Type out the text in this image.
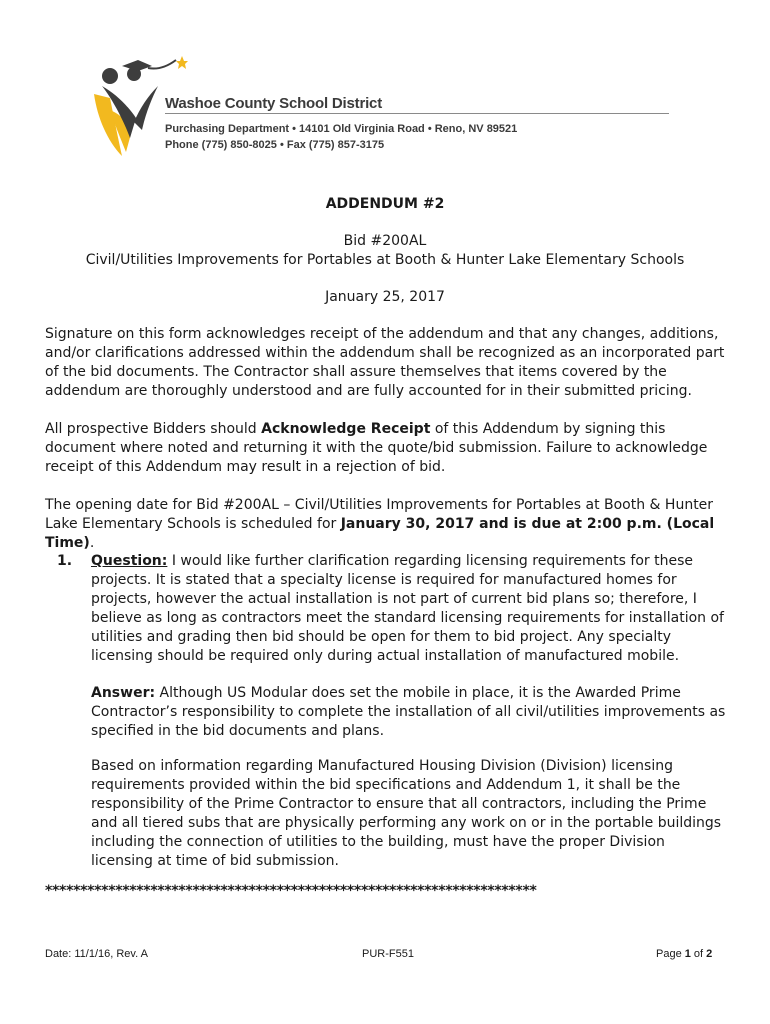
Washoe County School District
Purchasing Department • 14101 Old Virginia Road • Reno, NV 89521
Phone (775) 850-8025 • Fax (775) 857-3175
ADDENDUM #2
Bid #200AL
Civil/Utilities Improvements for Portables at Booth & Hunter Lake Elementary Schools
January 25, 2017

Signature on this form acknowledges receipt of the addendum and that any changes, additions, and/or clarifications addressed within the addendum shall be recognized as an incorporated part of the bid documents. The Contractor shall assure themselves that items covered by the addendum are thoroughly understood and are fully accounted for in their submitted pricing.

All prospective Bidders should Acknowledge Receipt of this Addendum by signing this document where noted and returning it with the quote/bid submission. Failure to acknowledge receipt of this Addendum may result in a rejection of bid.

The opening date for Bid #200AL – Civil/Utilities Improvements for Portables at Booth & Hunter Lake Elementary Schools is scheduled for January 30, 2017 and is due at 2:00 p.m. (Local Time).

1. Question: I would like further clarification regarding licensing requirements for these projects. It is stated that a specialty license is required for manufactured homes for projects, however the actual installation is not part of current bid plans so; therefore, I believe as long as contractors meet the standard licensing requirements for installation of utilities and grading then bid should be open for them to bid project. Any specialty licensing should be required only during actual installation of manufactured mobile.
Answer: Although US Modular does set the mobile in place, it is the Awarded Prime Contractor’s responsibility to complete the installation of all civil/utilities improvements as specified in the bid documents and plans.
Based on information regarding Manufactured Housing Division (Division) licensing requirements provided within the bid specifications and Addendum 1, it shall be the responsibility of the Prime Contractor to ensure that all contractors, including the Prime and all tiered subs that are physically performing any work on or in the portable buildings including the connection of utilities to the building, must have the proper Division licensing at time of bid submission.
**********************************************************************
Date: 11/1/16, Rev. A	PUR-F551	Page 1 of 2
